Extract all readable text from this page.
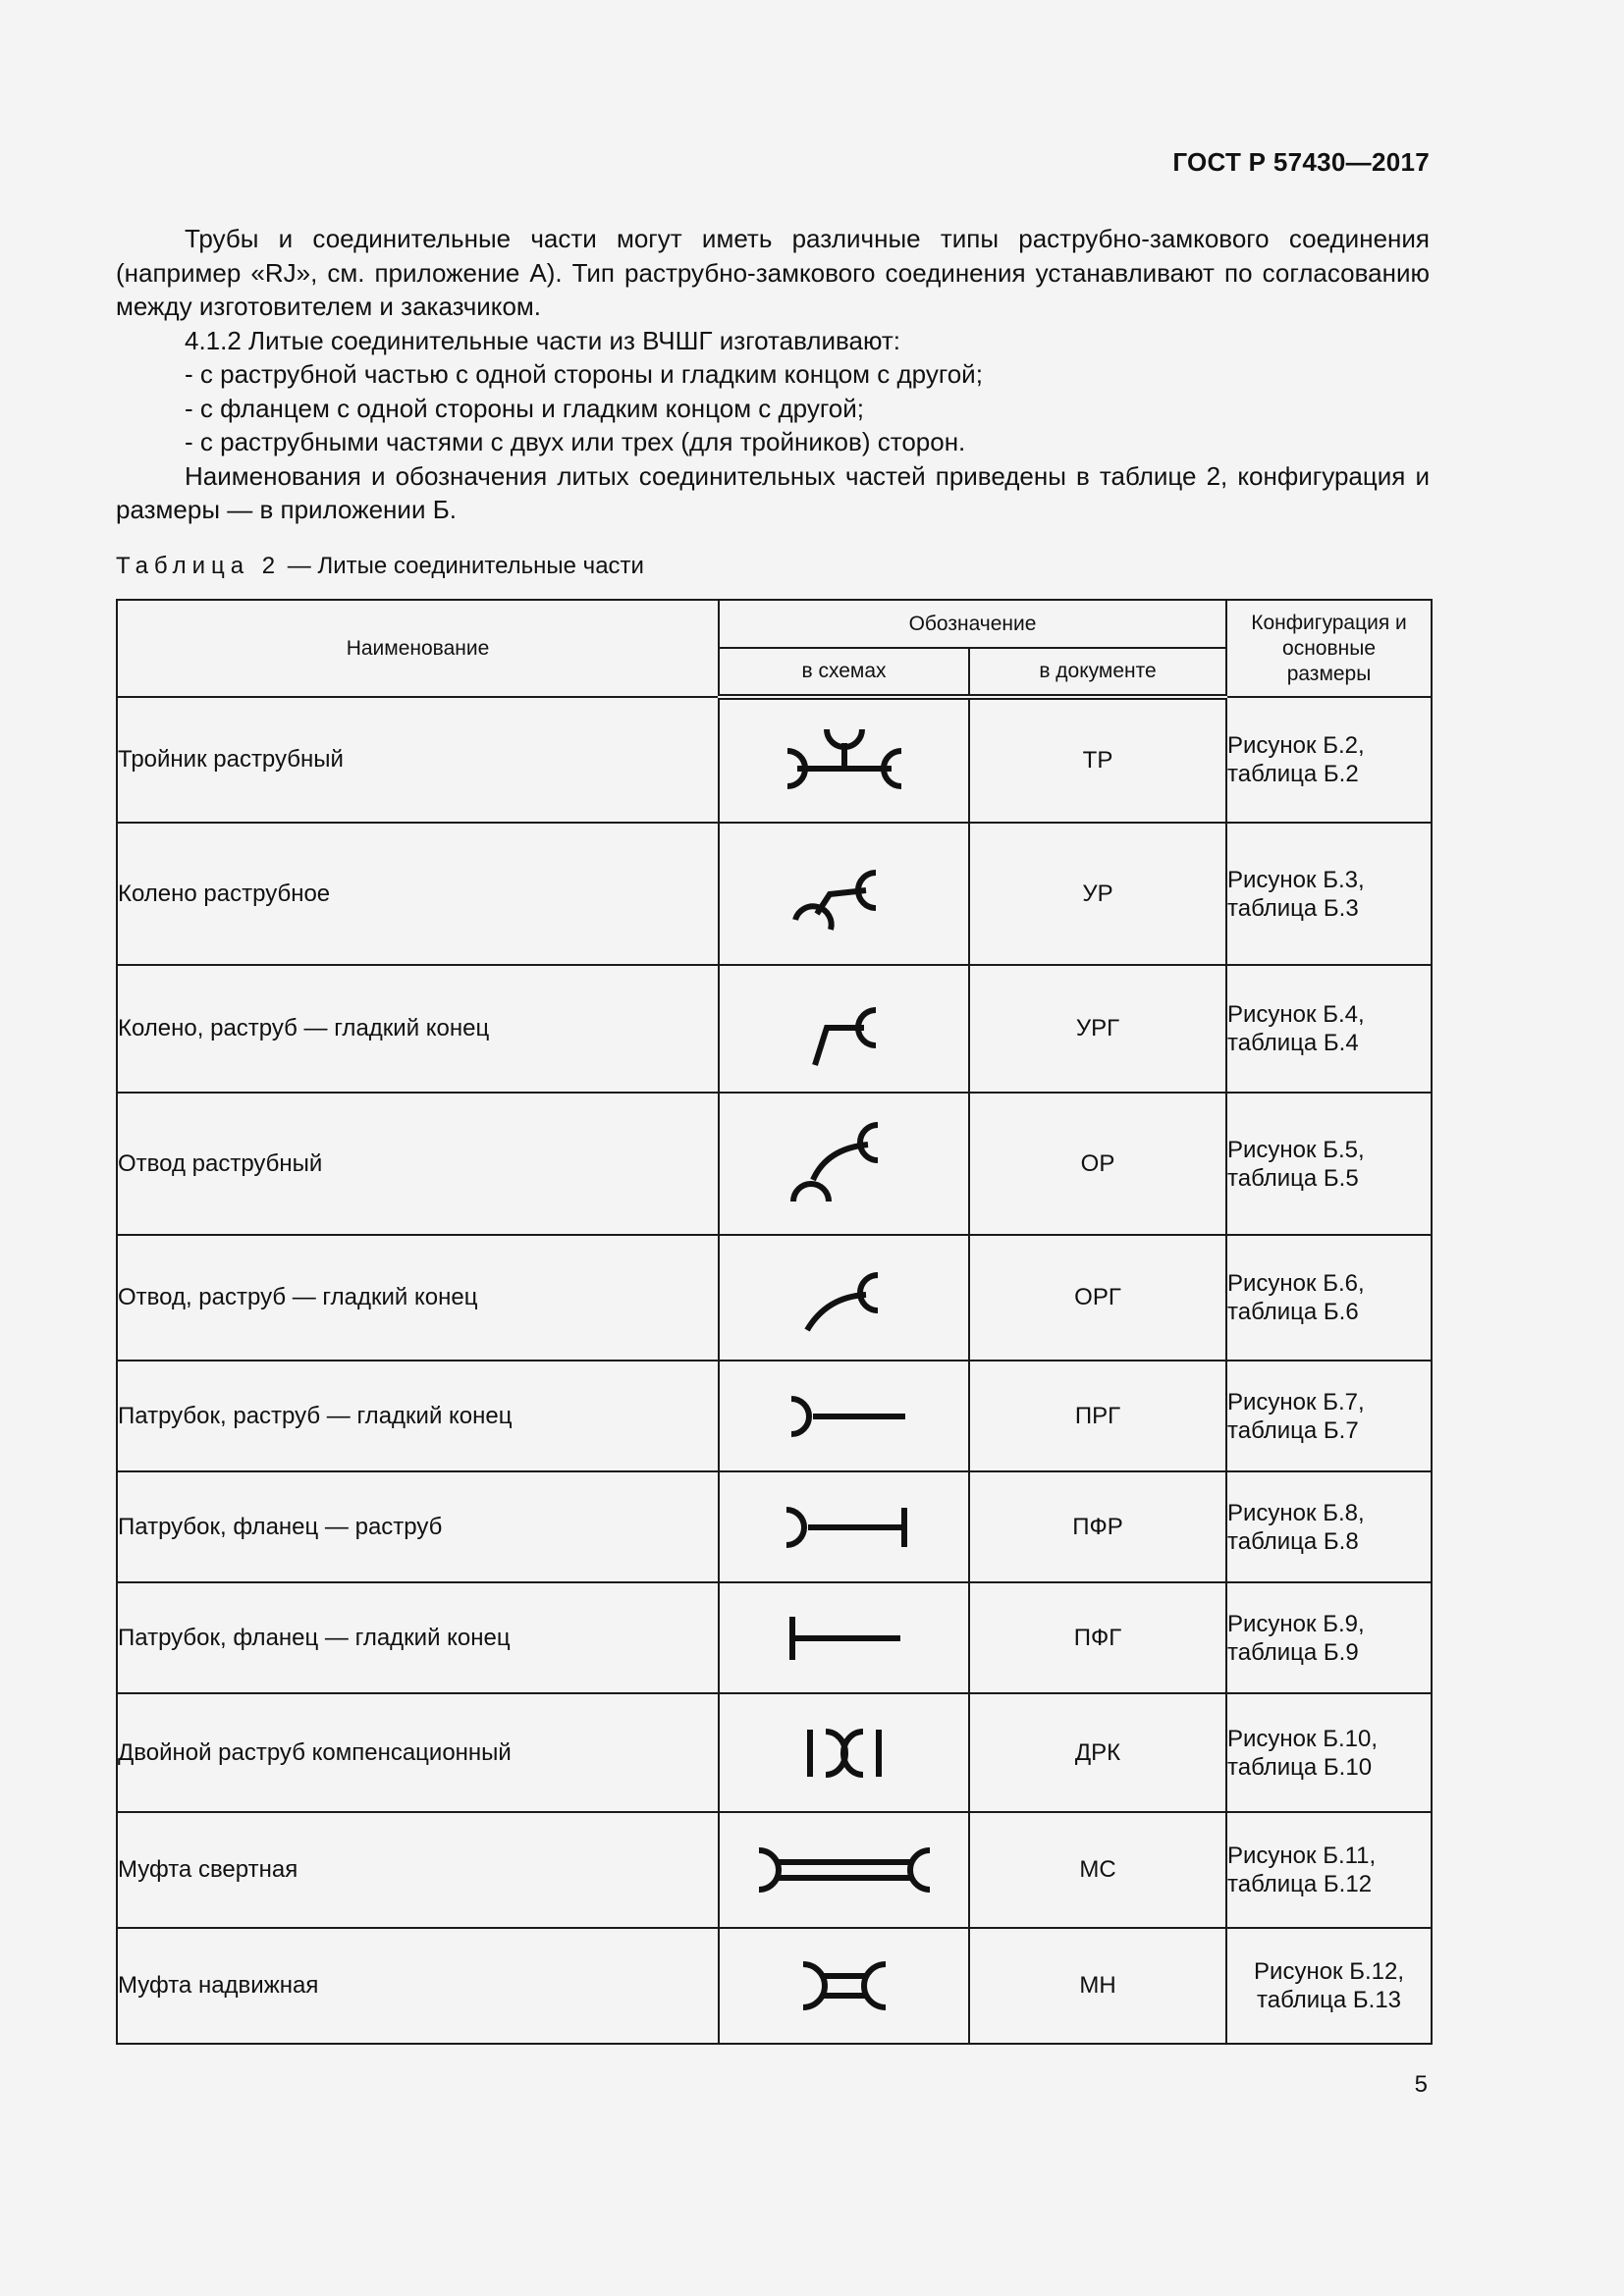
ГОСТ Р 57430—2017

Трубы и соединительные части могут иметь различные типы раструбно-замкового соединения (например «RJ», см. приложение А). Тип раструбно-замкового соединения устанавливают по согласованию между изготовителем и заказчиком.

4.1.2 Литые соединительные части из ВЧШГ изготавливают:

- с раструбной частью с одной стороны и гладким концом с другой;

- с фланцем с одной стороны и гладким концом с другой;

- с раструбными частями с двух или трех (для тройников) сторон.

Наименования и обозначения литых соединительных частей приведены в таблице 2, конфигурация и размеры — в приложении Б.

Таблица 2 — Литые соединительные части
Наименование	Обозначение		Конфигурация и основные размеры
	в схемах	в документе	
Тройник раструбный		ТР	Рисунок Б.2,
таблица Б.2
Колено раструбное		УР	Рисунок Б.3,
таблица Б.3
Колено, раструб — гладкий конец		УРГ	Рисунок Б.4,
таблица Б.4
Отвод раструбный		ОР	Рисунок Б.5,
таблица Б.5
Отвод, раструб — гладкий конец		ОРГ	Рисунок Б.6,
таблица Б.6
Патрубок, раструб — гладкий конец		ПРГ	Рисунок Б.7,
таблица Б.7
Патрубок, фланец — раструб		ПФР	Рисунок Б.8,
таблица Б.8
Патрубок, фланец — гладкий конец		ПФГ	Рисунок Б.9,
таблица Б.9
Двойной раструб компенсационный		ДРК	Рисунок Б.10,
таблица Б.10
Муфта свертная		МС	Рисунок Б.11,
таблица Б.12
Муфта надвижная		МН	Рисунок Б.12,
таблица Б.13
5
